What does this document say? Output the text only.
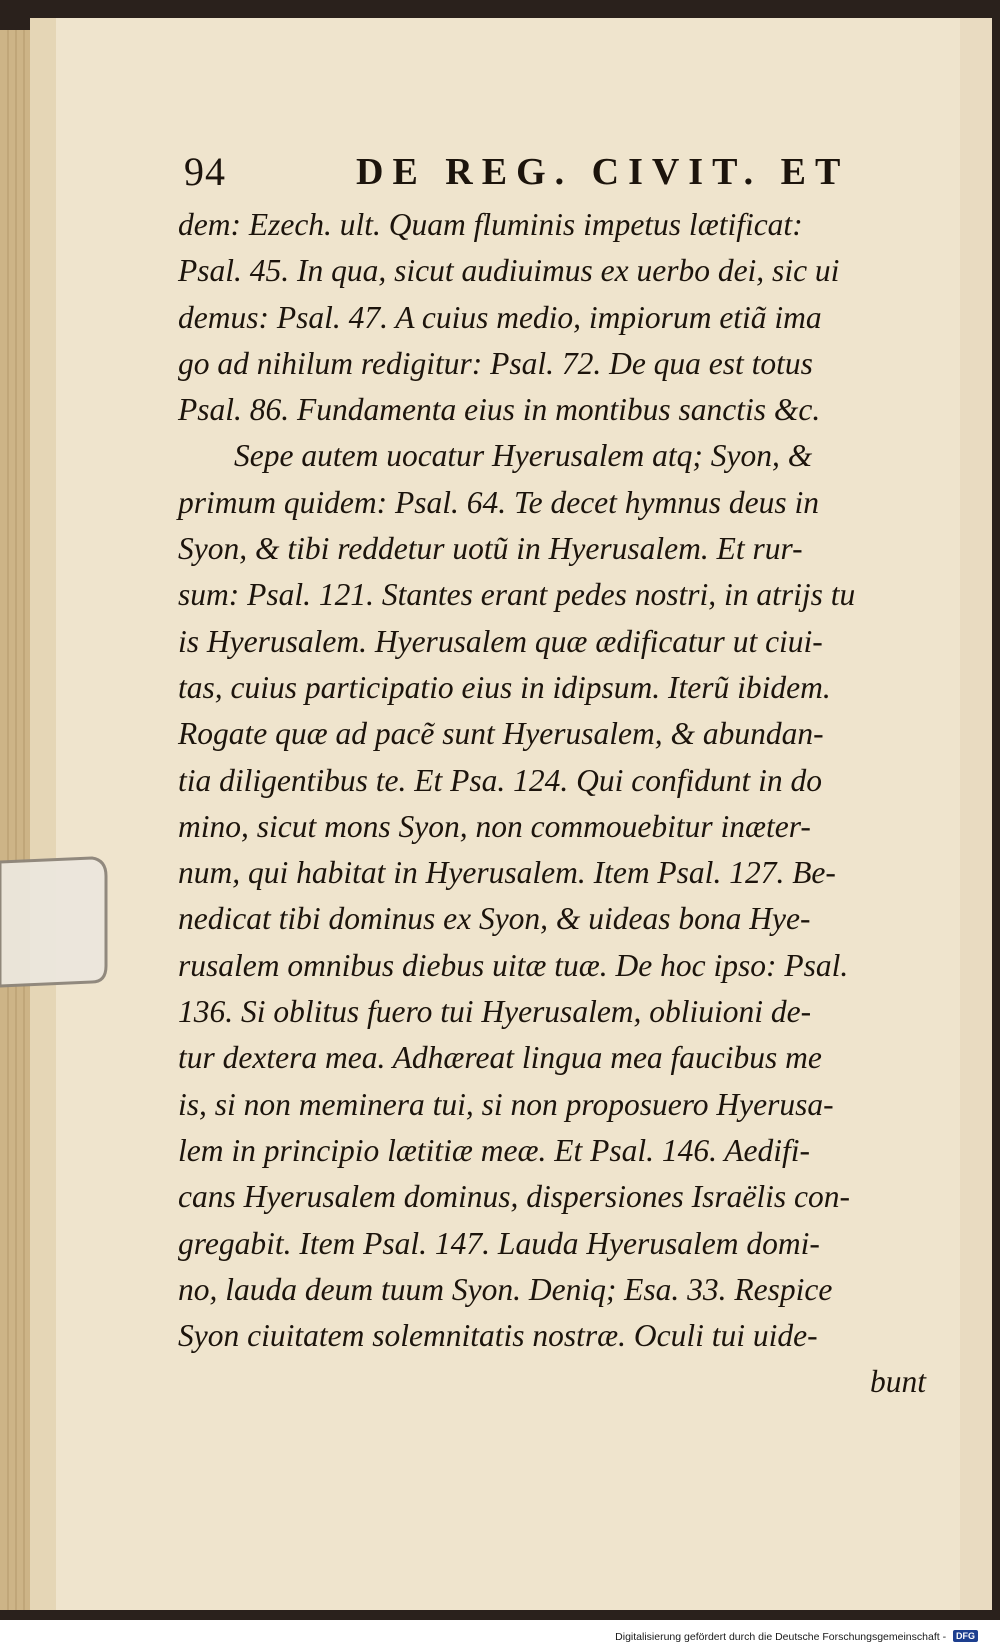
94	DE REG. CIVIT. ET
dem: Ezech. ult. Quam fluminis impetus lætificat:
Psal. 45. In qua, sicut audiuimus ex uerbo dei, sic ui
demus: Psal. 47. A cuius medio, impiorum etiã ima
go ad nihilum redigitur: Psal. 72. De qua est totus
Psal. 86. Fundamenta eius in montibus sanctis &c.
Sepe autem uocatur Hyerusalem atq; Syon, &
primum quidem: Psal. 64. Te decet hymnus deus in
Syon, & tibi reddetur uotũ in Hyerusalem. Et rur-
sum: Psal. 121. Stantes erant pedes nostri, in atrijs tu
is Hyerusalem. Hyerusalem quæ ædificatur ut ciui-
tas, cuius participatio eius in idipsum. Iterũ ibidem.
Rogate quæ ad pacẽ sunt Hyerusalem, & abundan-
tia diligentibus te. Et Psa. 124. Qui confidunt in do
mino, sicut mons Syon, non commouebitur inæter-
num, qui habitat in Hyerusalem. Item Psal. 127. Be-
nedicat tibi dominus ex Syon, & uideas bona Hye-
rusalem omnibus diebus uitæ tuæ. De hoc ipso: Psal.
136. Si oblitus fuero tui Hyerusalem, obliuioni de-
tur dextera mea. Adhæreat lingua mea faucibus me
is, si non meminera tui, si non proposuero Hyerusa-
lem in principio lætitiæ meæ. Et Psal. 146. Aedifi-
cans Hyerusalem dominus, dispersiones Israëlis con-
gregabit. Item Psal. 147. Lauda Hyerusalem domi-
no, lauda deum tuum Syon. Deniq; Esa. 33. Respice
Syon ciuitatem solemnitatis nostræ. Oculi tui uide-
bunt
Digitalisierung gefördert durch die Deutsche Forschungsgemeinschaft - DFG
